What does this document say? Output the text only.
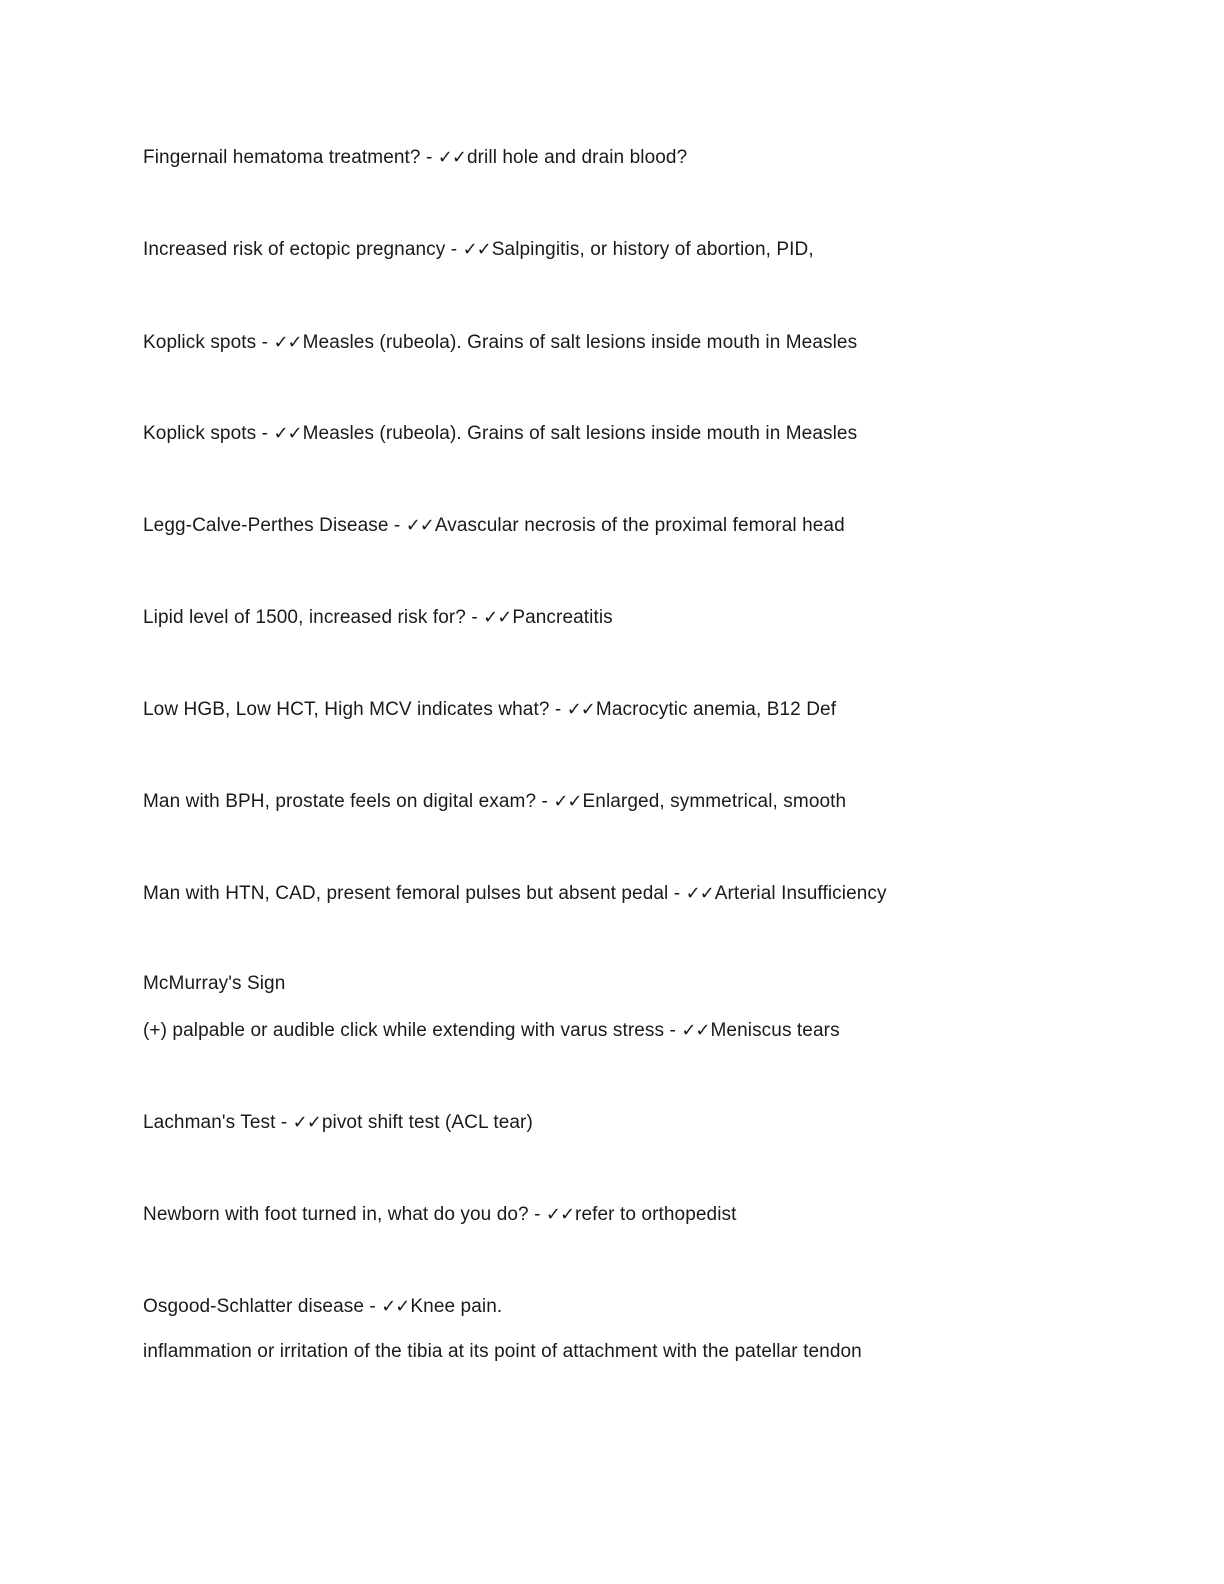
Fingernail hematoma treatment? - ✓✓drill hole and drain blood?
Increased risk of ectopic pregnancy - ✓✓Salpingitis, or history of abortion, PID,
Koplick spots - ✓✓Measles (rubeola). Grains of salt lesions inside mouth in Measles
Koplick spots - ✓✓Measles (rubeola). Grains of salt lesions inside mouth in Measles
Legg-Calve-Perthes Disease - ✓✓Avascular necrosis of the proximal femoral head
Lipid level of 1500, increased risk for? - ✓✓Pancreatitis
Low HGB, Low HCT, High MCV indicates what? - ✓✓Macrocytic anemia, B12 Def
Man with BPH, prostate feels on digital exam? - ✓✓Enlarged, symmetrical, smooth
Man with HTN, CAD, present femoral pulses but absent pedal - ✓✓Arterial Insufficiency
McMurray's Sign
(+) palpable or audible click while extending with varus stress - ✓✓Meniscus tears
Lachman's Test - ✓✓pivot shift test (ACL tear)
Newborn with foot turned in, what do you do? - ✓✓refer to orthopedist
Osgood-Schlatter disease - ✓✓Knee pain.
inflammation or irritation of the tibia at its point of attachment with the patellar tendon
